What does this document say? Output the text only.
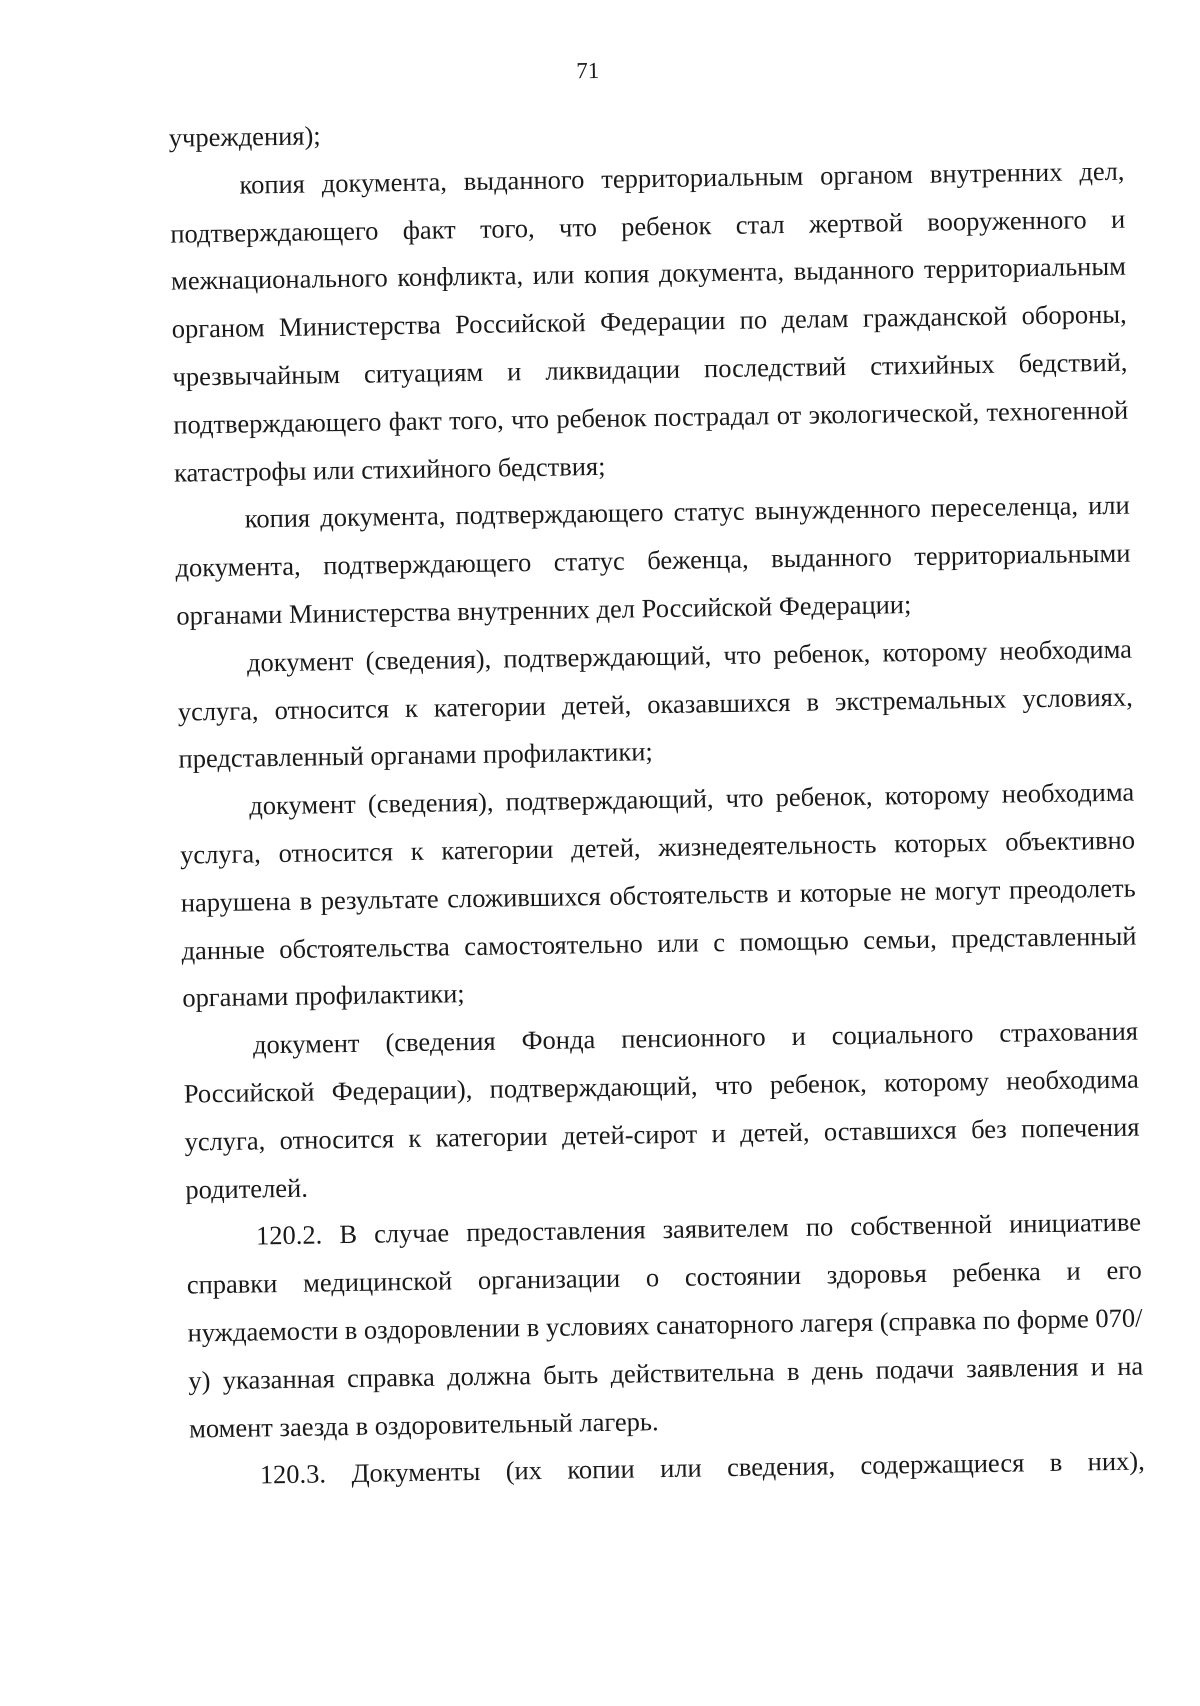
71

учреждения);

копия документа, выданного территориальным органом внутренних дел, подтверждающего факт того, что ребенок стал жертвой вооруженного и межнационального конфликта, или копия документа, выданного территориальным органом Министерства Российской Федерации по делам гражданской обороны, чрезвычайным ситуациям и ликвидации последствий стихийных бедствий, подтверждающего факт того, что ребенок пострадал от экологической, техногенной катастрофы или стихийного бедствия;

копия документа, подтверждающего статус вынужденного переселенца, или документа, подтверждающего статус беженца, выданного территориальными органами Министерства внутренних дел Российской Федерации;

документ (сведения), подтверждающий, что ребенок, которому необходима услуга, относится к категории детей, оказавшихся в экстремальных условиях, представленный органами профилактики;

документ (сведения), подтверждающий, что ребенок, которому необходима услуга, относится к категории детей, жизнедеятельность которых объективно нарушена в результате сложившихся обстоятельств и которые не могут преодолеть данные обстоятельства самостоятельно или с помощью семьи, представленный органами профилактики;

документ (сведения Фонда пенсионного и социального страхования Российской Федерации), подтверждающий, что ребенок, которому необходима услуга, относится к категории детей-сирот и детей, оставшихся без попечения родителей.

120.2. В случае предоставления заявителем по собственной инициативе справки медицинской организации о состоянии здоровья ребенка и его нуждаемости в оздоровлении в условиях санаторного лагеря (справка по форме 070/у) указанная справка должна быть действительна в день подачи заявления и на момент заезда в оздоровительный лагерь.

120.3. Документы (их копии или сведения, содержащиеся в них),
